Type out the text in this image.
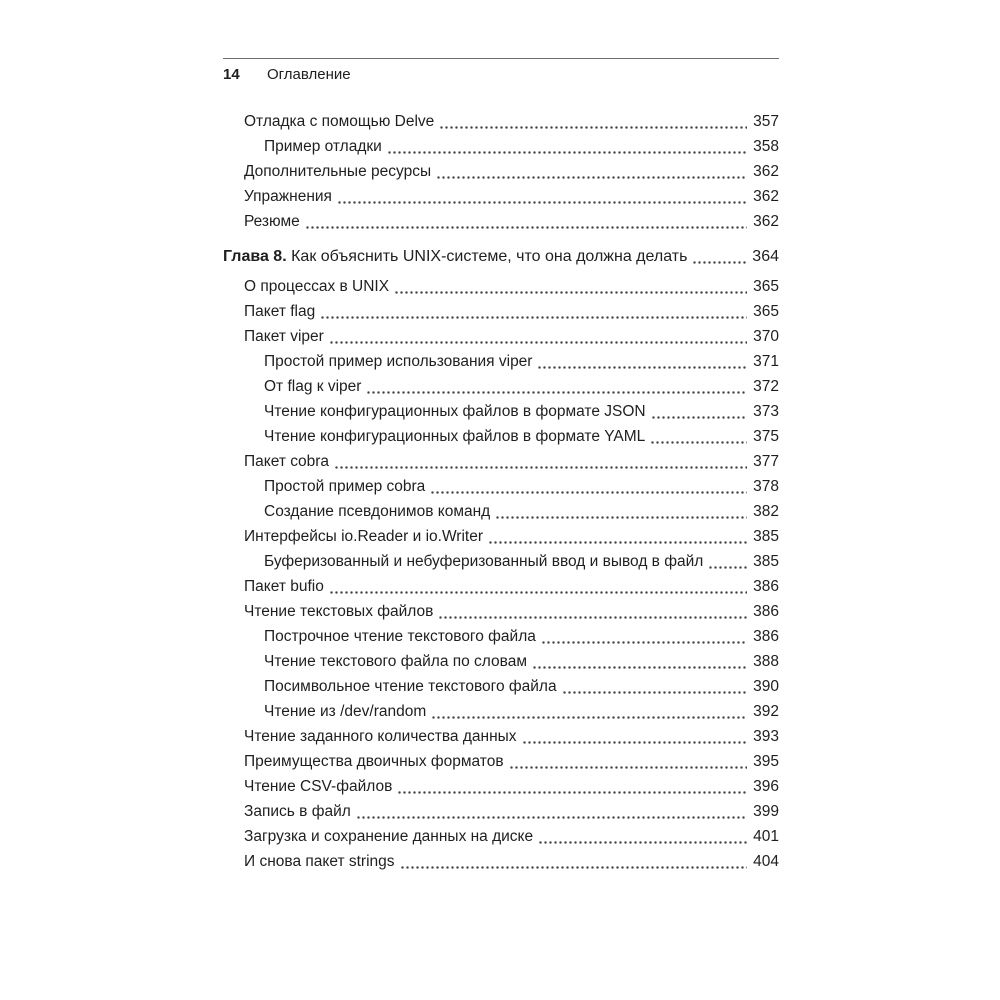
14	Оглавление
Отладка с помощью Delve	357
Пример отладки	358
Дополнительные ресурсы	362
Упражнения	362
Резюме	362
Глава 8. Как объяснить UNIX-системе, что она должна делать	364
О процессах в UNIX	365
Пакет flag	365
Пакет viper	370
Простой пример использования viper	371
От flag к viper	372
Чтение конфигурационных файлов в формате JSON	373
Чтение конфигурационных файлов в формате YAML	375
Пакет cobra	377
Простой пример cobra	378
Создание псевдонимов команд	382
Интерфейсы io.Reader и io.Writer	385
Буферизованный и небуферизованный ввод и вывод в файл	385
Пакет bufio	386
Чтение текстовых файлов	386
Построчное чтение текстового файла	386
Чтение текстового файла по словам	388
Посимвольное чтение текстового файла	390
Чтение из /dev/random	392
Чтение заданного количества данных	393
Преимущества двоичных форматов	395
Чтение CSV-файлов	396
Запись в файл	399
Загрузка и сохранение данных на диске	401
И снова пакет strings	404
